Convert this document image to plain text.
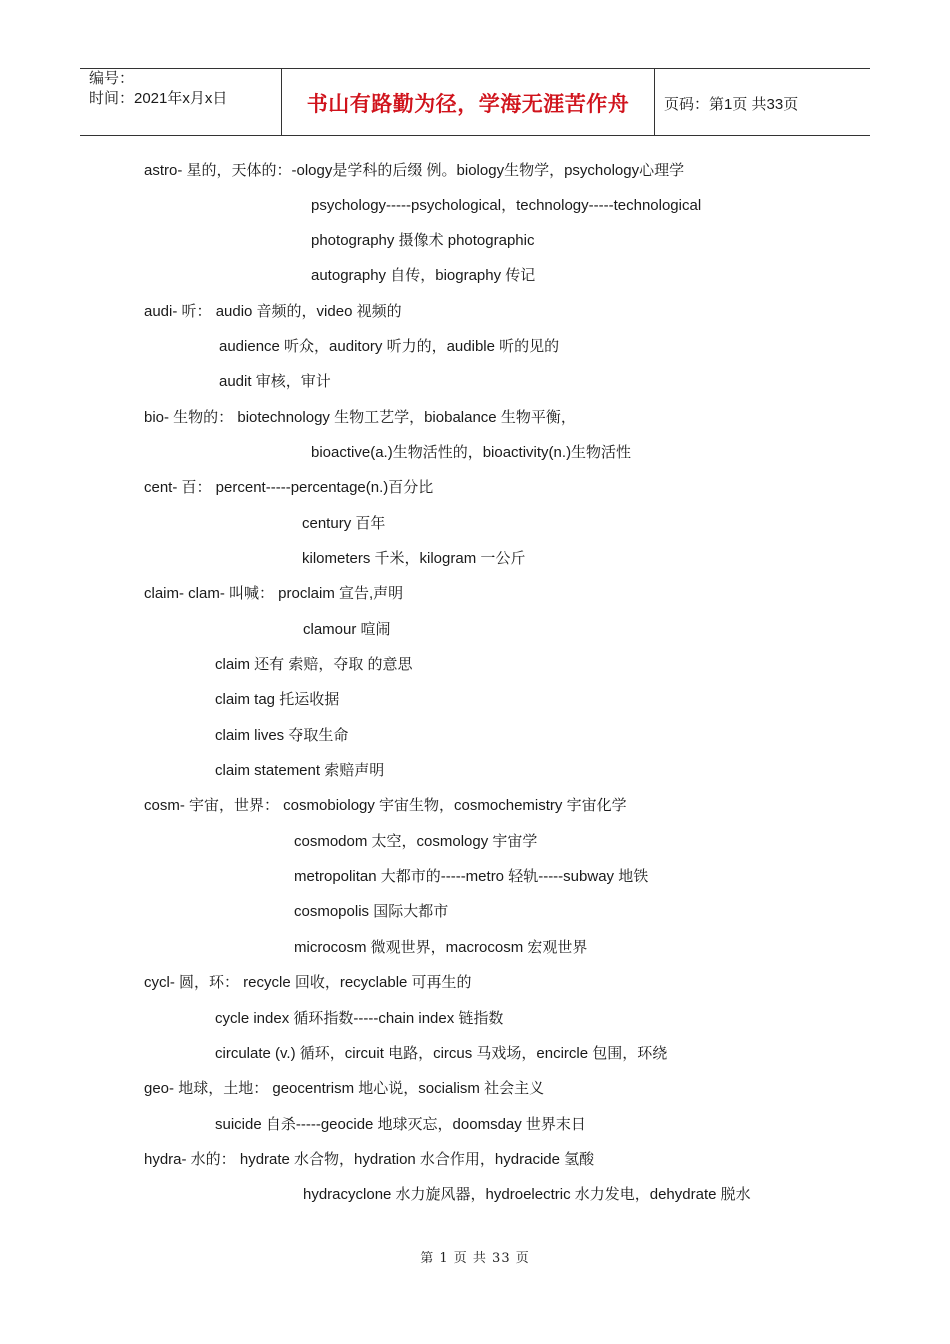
编号：
时间：2021年x月x日	书山有路勤为径，学海无涯苦作舟	页码：第1页 共33页
astro- 星的，天体的：-ology是学科的后缀 例。biology生物学，psychology心理学
psychology-----psychological，technology-----technological
photography 摄像术 photographic
autography 自传，biography 传记
audi- 听： audio 音频的，video 视频的
audience 听众，auditory 听力的，audible 听的见的
audit 审核，审计
bio- 生物的： biotechnology 生物工艺学，biobalance 生物平衡，
bioactive(a.)生物活性的，bioactivity(n.)生物活性
cent- 百： percent-----percentage(n.)百分比
century 百年
kilometers 千米，kilogram 一公斤
claim- clam- 叫喊： proclaim 宣告,声明
clamour 喧闹
claim 还有 索赔，夺取 的意思
claim tag 托运收据
claim lives 夺取生命
claim statement 索赔声明
cosm- 宇宙，世界： cosmobiology 宇宙生物，cosmochemistry 宇宙化学
cosmodom 太空，cosmology 宇宙学
metropolitan 大都市的-----metro 轻轨-----subway 地铁
cosmopolis 国际大都市
microcosm 微观世界，macrocosm 宏观世界
cycl- 圆，环： recycle 回收，recyclable 可再生的
cycle index 循环指数-----chain index 链指数
circulate (v.) 循环，circuit 电路，circus 马戏场，encircle 包围，环绕
geo- 地球，土地： geocentrism 地心说，socialism 社会主义
suicide 自杀-----geocide 地球灭忘，doomsday 世界末日
hydra- 水的： hydrate 水合物，hydration 水合作用，hydracide 氢酸
hydracyclone 水力旋风器，hydroelectric 水力发电，dehydrate 脱水
第 1 页 共 33 页
